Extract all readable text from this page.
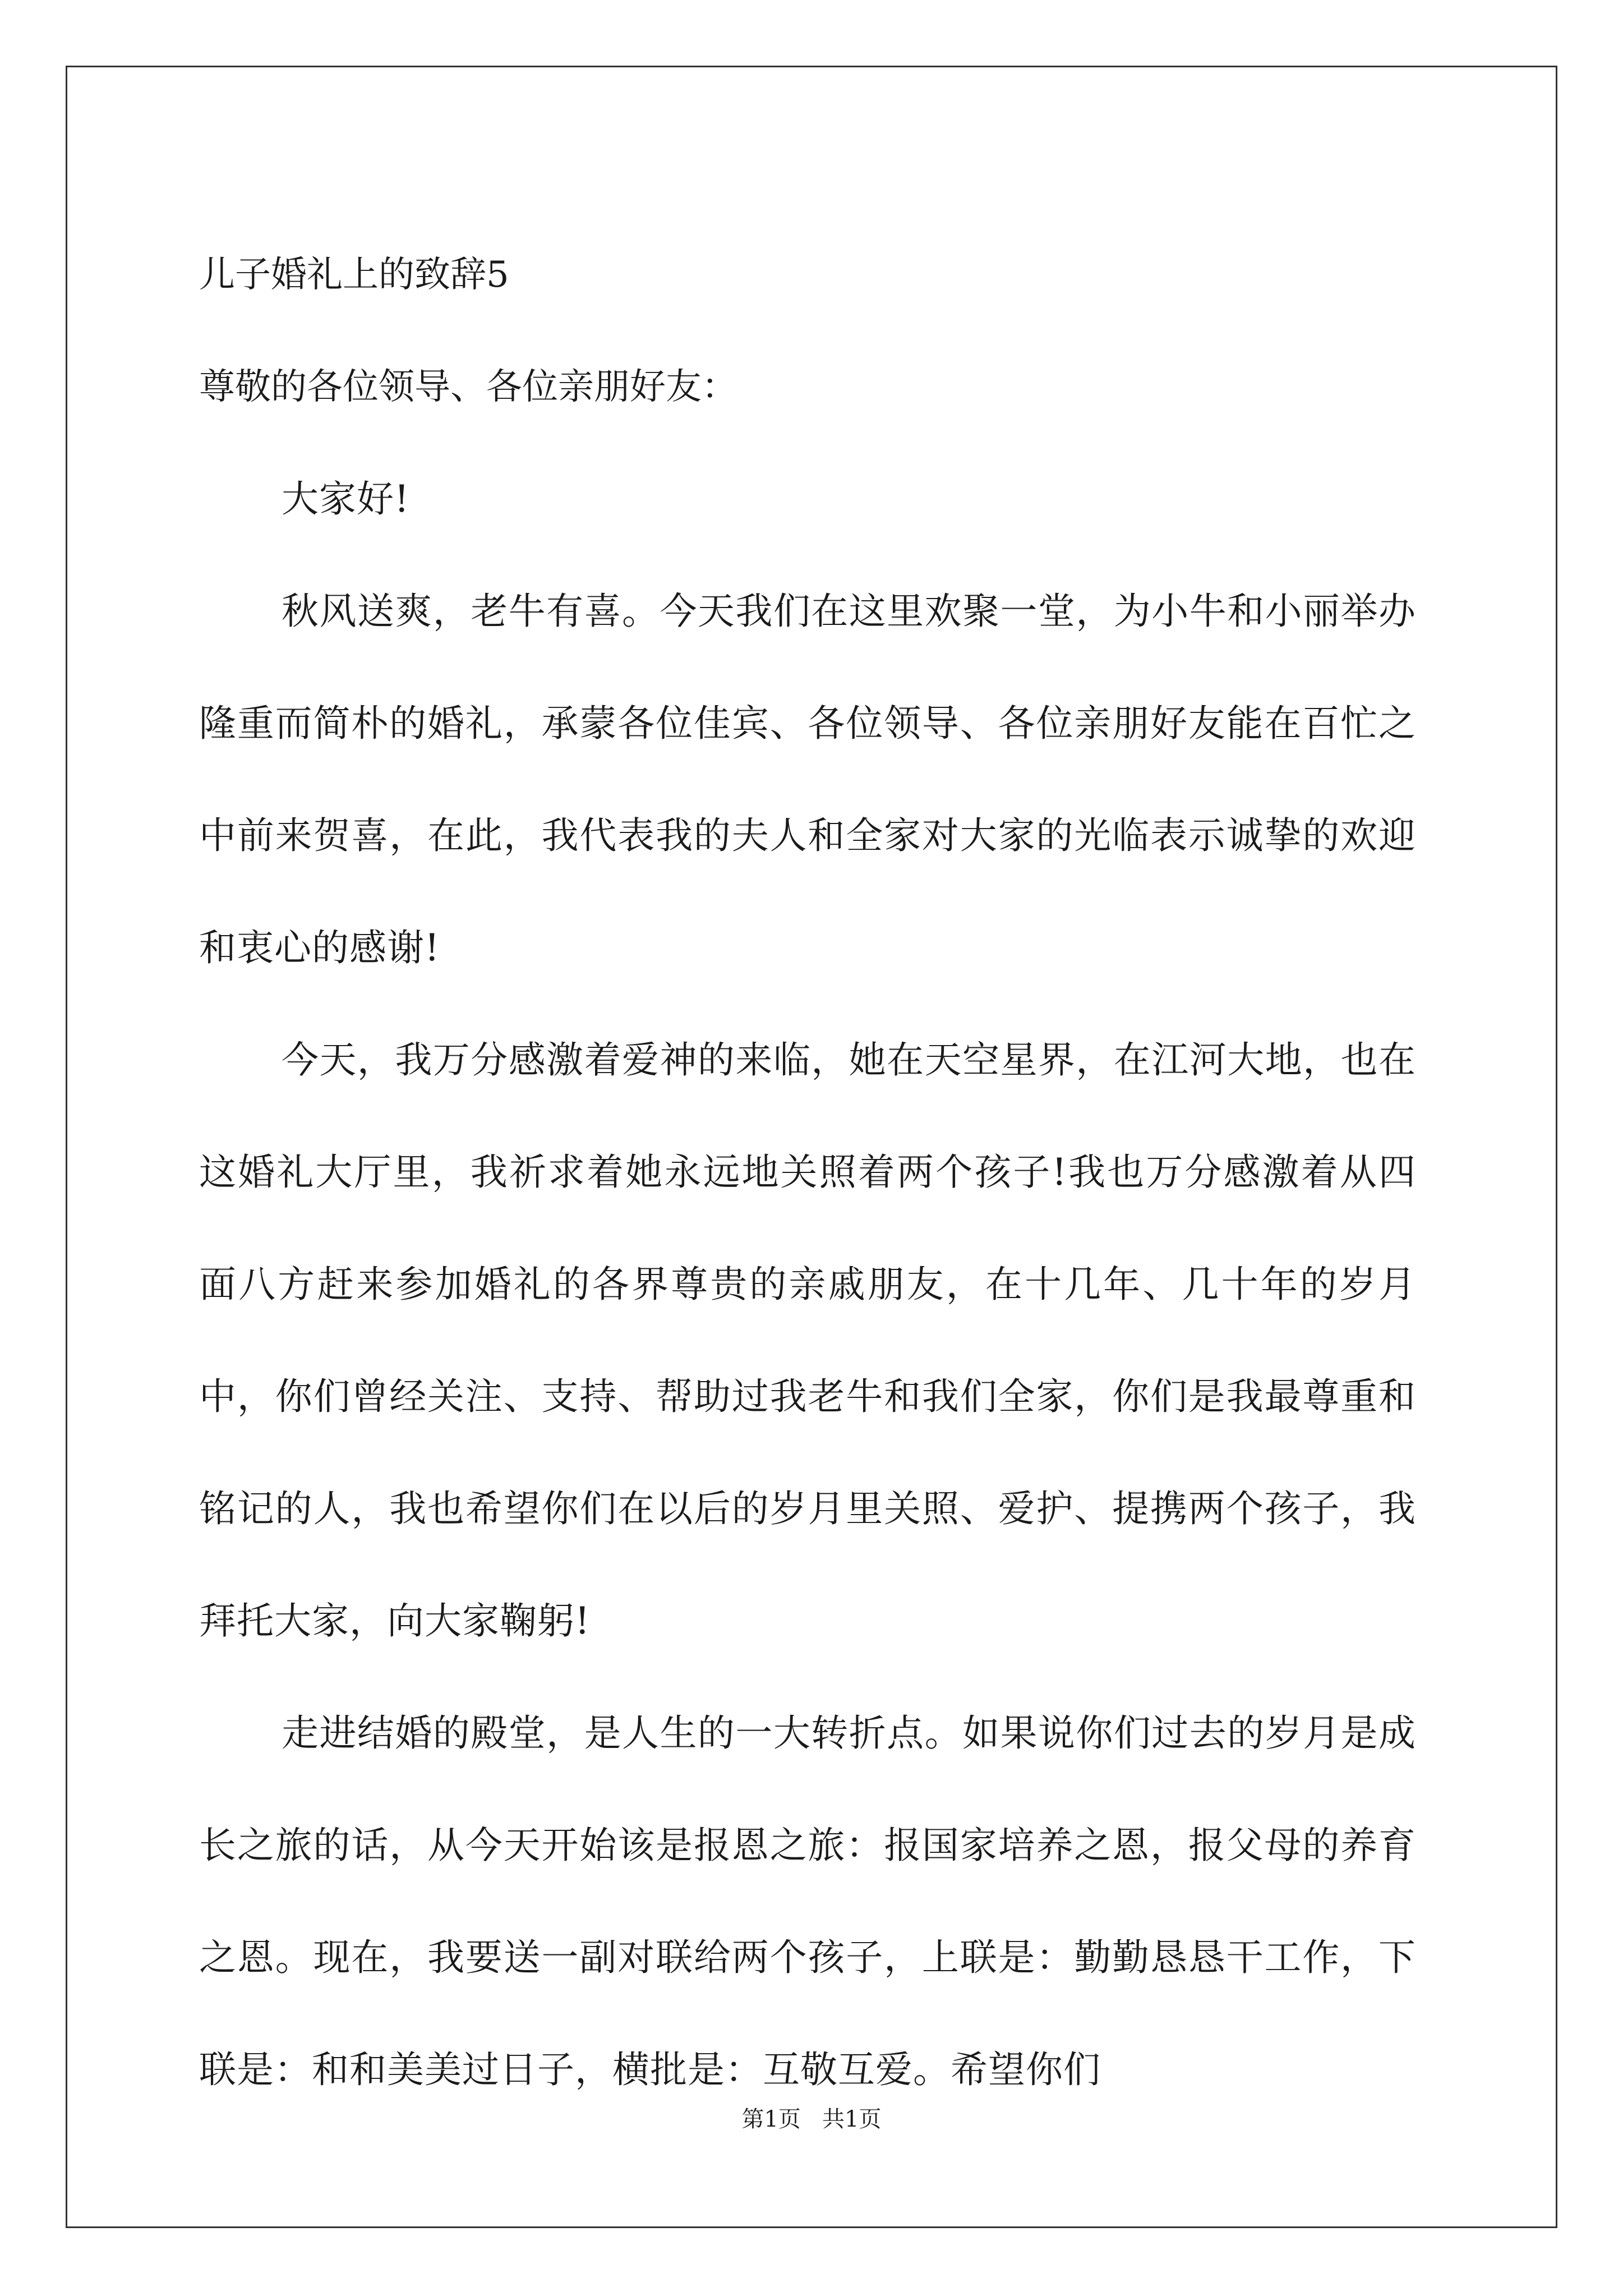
儿子婚礼上的致辞5

尊敬的各位领导、各位亲朋好友：

大家好!

秋风送爽，老牛有喜。今天我们在这里欢聚一堂，为小牛和小丽举办隆重而简朴的婚礼，承蒙各位佳宾、各位领导、各位亲朋好友能在百忙之中前来贺喜，在此，我代表我的夫人和全家对大家的光临表示诚挚的欢迎和衷心的感谢!

今天，我万分感激着爱神的来临，她在天空星界，在江河大地，也在这婚礼大厅里，我祈求着她永远地关照着两个孩子!我也万分感激着从四面八方赶来参加婚礼的各界尊贵的亲戚朋友，在十几年、几十年的岁月中，你们曾经关注、支持、帮助过我老牛和我们全家，你们是我最尊重和铭记的人，我也希望你们在以后的岁月里关照、爱护、提携两个孩子，我拜托大家，向大家鞠躬!

走进结婚的殿堂，是人生的一大转折点。如果说你们过去的岁月是成长之旅的话，从今天开始该是报恩之旅：报国家培养之恩，报父母的养育之恩。现在，我要送一副对联给两个孩子，上联是：勤勤恳恳干工作，下联是：和和美美过日子，横批是：互敬互爱。希望你们

第1页   共1页
